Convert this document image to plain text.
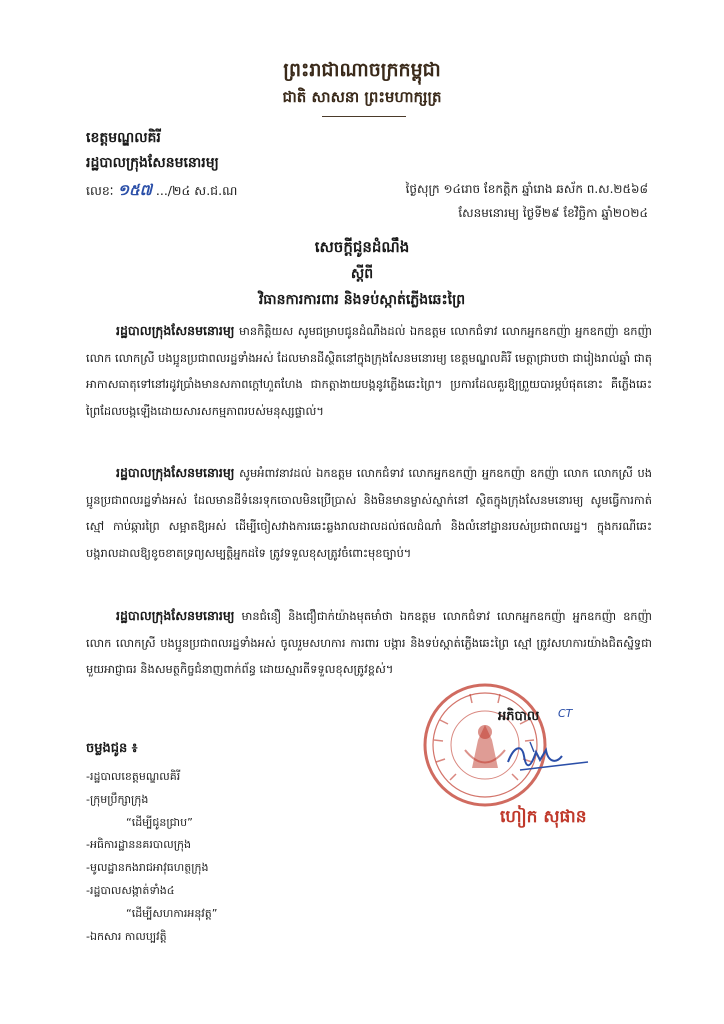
ព្រះរាជាណាចក្រកម្ពុជា
ជាតិ សាសនា ព្រះមហាក្សត្រ
ខេត្តមណ្ឌលគិរី
រដ្ឋបាលក្រុងសែនមនោរម្យ
លេខៈ ១៥៧ .../២៤ ស.ជ.ណ	ថ្ងៃសុក្រ ១៤រោច ខែកត្តិក ឆ្នាំរោង ឆស័ក ព.ស.២៥៦៨
សែនមនោរម្យ ថ្ងៃទី២៩ ខែវិច្ឆិកា ឆ្នាំ២០២៤
សេចក្តីជូនដំណឹង
ស្តីពី
វិធានការការពារ និងទប់ស្កាត់ភ្លើងឆេះព្រៃ
រដ្ឋបាលក្រុងសែនមនោរម្យ មានកិត្តិយស សូមជម្រាបជូនដំណឹងដល់ ឯកឧត្តម លោកជំទាវ លោកអ្នកឧកញ៉ា អ្នកឧកញ៉ា ឧកញ៉ា លោក លោកស្រី បងប្អូនប្រជាពលរដ្ឋទាំងអស់ ដែលមានដីស្ថិតនៅក្នុងក្រុងសែនមនោរម្យ ខេត្តមណ្ឌលគិរី មេត្តាជ្រាបថា ជារៀងរាល់ឆ្នាំ ជាតុអាកាសធាតុទៅនៅរដូវប្រាំងមានសភាពក្តៅហួតហែង ជាកត្តាងាយបង្កនូវភ្លើងឆេះព្រៃ។ ប្រការដែលគួរឱ្យព្រួយបារម្ភបំផុតនោះ គឺភ្លើងឆេះព្រៃដែលបង្កឡើងដោយសារសកម្មភាពរបស់មនុស្សផ្ទាល់។
រដ្ឋបាលក្រុងសែនមនោរម្យ សូមអំពាវនាវដល់ ឯកឧត្តម លោកជំទាវ លោកអ្នកឧកញ៉ា អ្នកឧកញ៉ា ឧកញ៉ា លោក លោកស្រី បងប្អូនប្រជាពលរដ្ឋទាំងអស់ ដែលមានដីទំនេរទុកចោលមិនប្រើប្រាស់ និងមិនមានម្ចាស់ស្នាក់នៅ ស្ថិតក្នុងក្រុងសែនមនោរម្យ សូមធ្វើការកាត់ស្មៅ កាប់ឆ្ការព្រៃ សម្អាតឱ្យអស់ ដើម្បីចៀសវាងការឆេះឆ្លងរាលដាលដល់ផលដំណាំ និងលំនៅដ្ឋានរបស់ប្រជាពលរដ្ឋ។ ក្នុងករណីឆេះបង្ករាលដាលឱ្យខូចខាតទ្រព្យសម្បត្តិអ្នកដទៃ ត្រូវទទួលខុសត្រូវចំពោះមុខច្បាប់។
រដ្ឋបាលក្រុងសែនមនោរម្យ មានជំនឿ និងជឿជាក់យ៉ាងមុតមាំថា ឯកឧត្តម លោកជំទាវ លោកអ្នកឧកញ៉ា អ្នកឧកញ៉ា ឧកញ៉ា លោក លោកស្រី បងប្អូនប្រជាពលរដ្ឋទាំងអស់ ចូលរួមសហការ ការពារ បង្ការ និងទប់ស្កាត់ភ្លើងឆេះព្រៃ ស្មៅ ត្រូវសហការយ៉ាងជិតស្និទ្ធជាមួយអាជ្ញាធរ និងសមត្ថកិច្ចជំនាញពាក់ព័ន្ធ ដោយស្មារតីទទួលខុសត្រូវខ្ពស់។
អភិបាល CT
ហៀក សុផាន
ចម្លងជូន ៖
-រដ្ឋបាលខេត្តមណ្ឌលគិរី
-ក្រុមប្រឹក្សាក្រុង
“ដើម្បីជូនជ្រាប”
-អធិការដ្ឋាននគរបាលក្រុង
-មូលដ្ឋានកងរាជអាវុធហត្ថក្រុង
-រដ្ឋបាលសង្កាត់ទាំង៤
“ដើម្បីសហការអនុវត្ត”
-ឯកសារ កាលប្បវត្តិ
